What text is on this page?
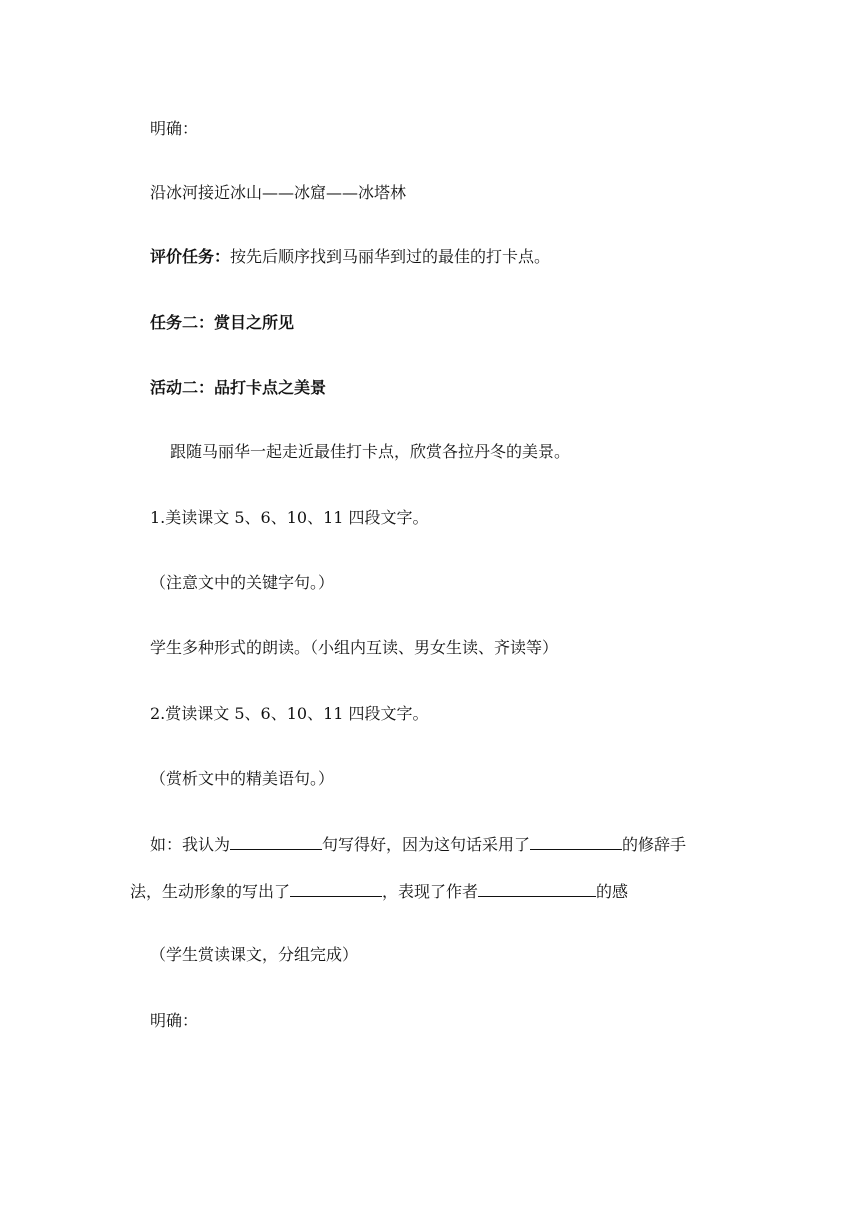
明确：
沿冰河接近冰山——冰窟——冰塔林
评价任务：按先后顺序找到马丽华到过的最佳的打卡点。
任务二：赏目之所见
活动二：品打卡点之美景
跟随马丽华一起走近最佳打卡点，欣赏各拉丹冬的美景。
1.美读课文 5、6、10、11 四段文字。
（注意文中的关键字句。）
学生多种形式的朗读。（小组内互读、男女生读、齐读等）
2.赏读课文 5、6、10、11 四段文字。
（赏析文中的精美语句。）
如：我认为	句写得好，因为这句话采用了	的修辞手
法，生动形象的写出了	，表现了作者	的感
（学生赏读课文，分组完成）
明确：
